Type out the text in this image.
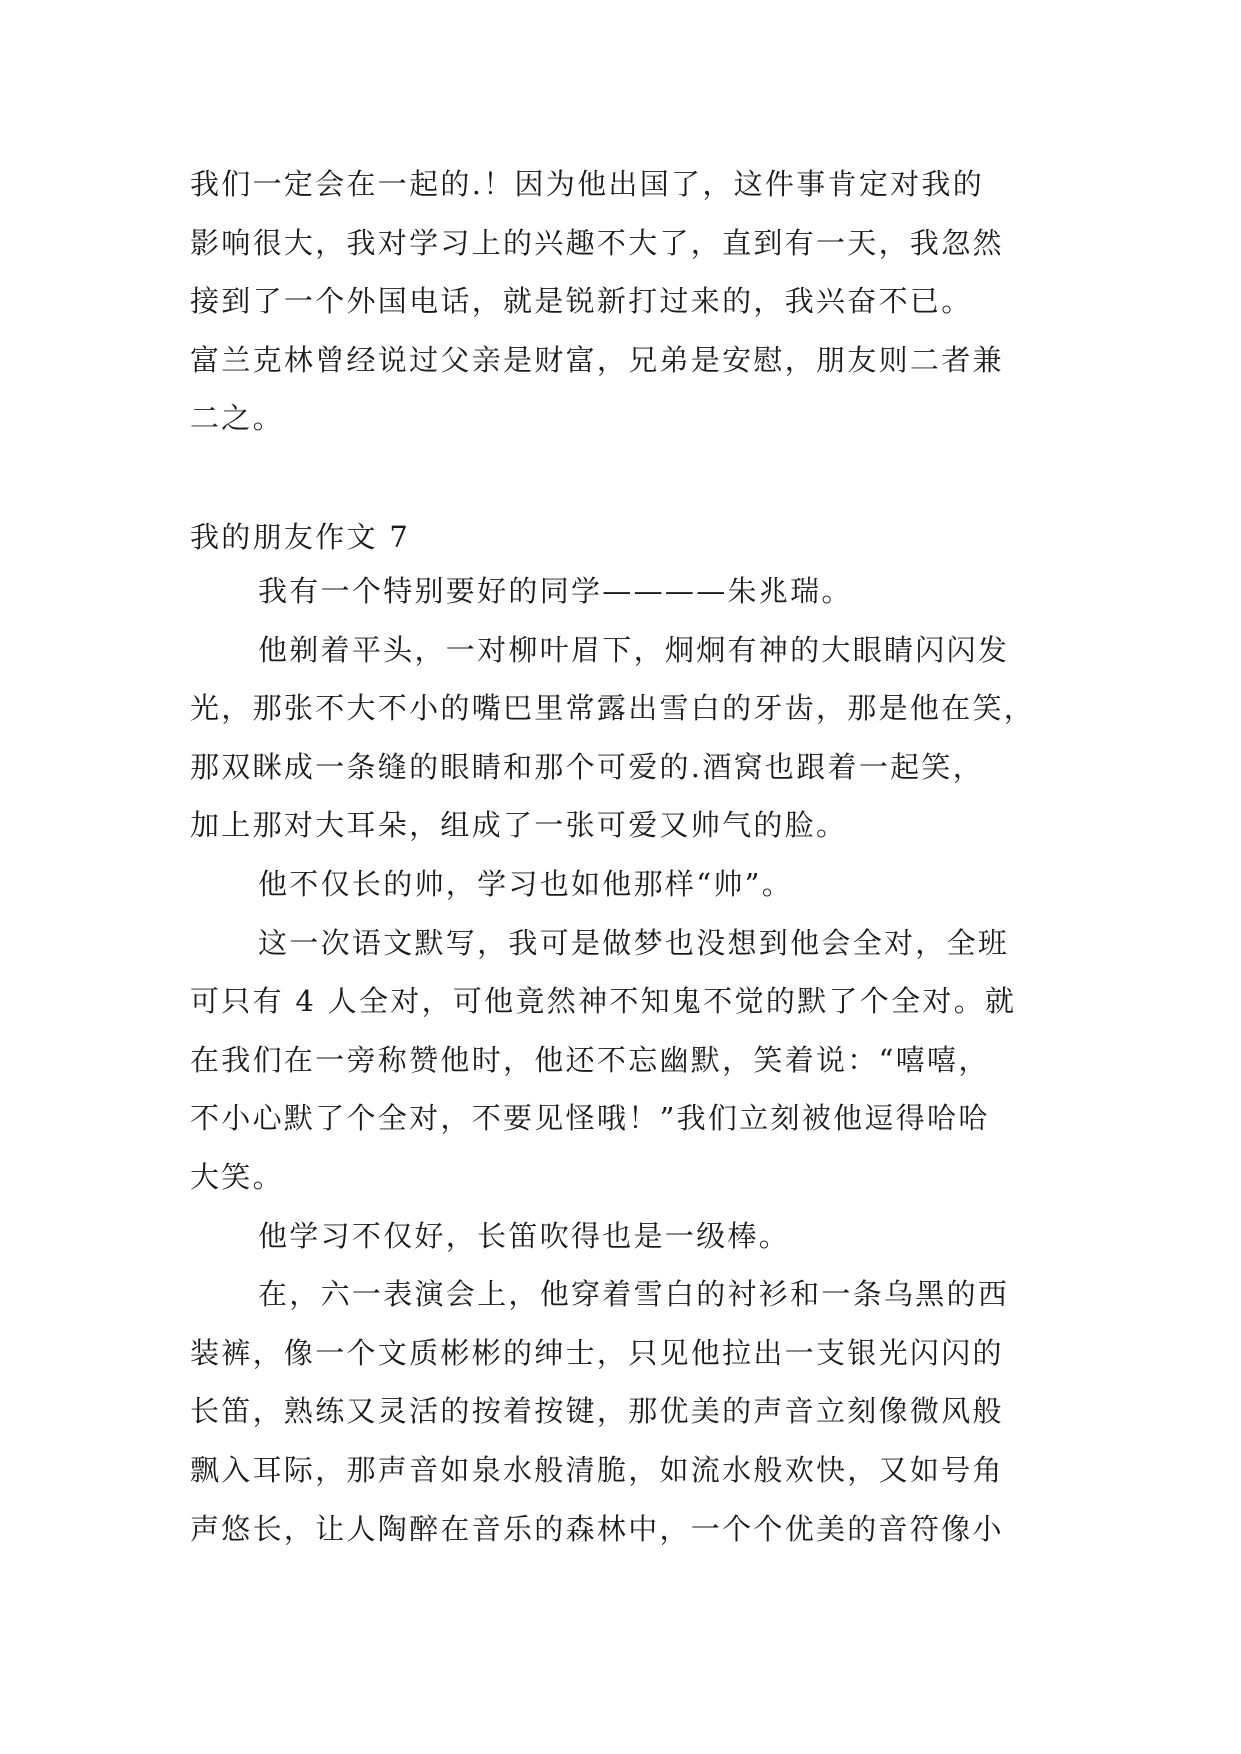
我们一定会在一起的.！因为他出国了，这件事肯定对我的
影响很大，我对学习上的兴趣不大了，直到有一天，我忽然
接到了一个外国电话，就是锐新打过来的，我兴奋不已。
富兰克林曾经说过父亲是财富，兄弟是安慰，朋友则二者兼
二之。
我的朋友作文 7
我有一个特别要好的同学————朱兆瑞。
他剃着平头，一对柳叶眉下，炯炯有神的大眼睛闪闪发
光，那张不大不小的嘴巴里常露出雪白的牙齿，那是他在笑，
那双眯成一条缝的眼睛和那个可爱的.酒窝也跟着一起笑，
加上那对大耳朵，组成了一张可爱又帅气的脸。
他不仅长的帅，学习也如他那样“帅”。
这一次语文默写，我可是做梦也没想到他会全对，全班
可只有 4 人全对，可他竟然神不知鬼不觉的默了个全对。就
在我们在一旁称赞他时，他还不忘幽默，笑着说：“嘻嘻，
不小心默了个全对，不要见怪哦！”我们立刻被他逗得哈哈
大笑。
他学习不仅好，长笛吹得也是一级棒。
在，六一表演会上，他穿着雪白的衬衫和一条乌黑的西
装裤，像一个文质彬彬的绅士，只见他拉出一支银光闪闪的
长笛，熟练又灵活的按着按键，那优美的声音立刻像微风般
飘入耳际，那声音如泉水般清脆，如流水般欢快，又如号角
声悠长，让人陶醉在音乐的森林中，一个个优美的音符像小
